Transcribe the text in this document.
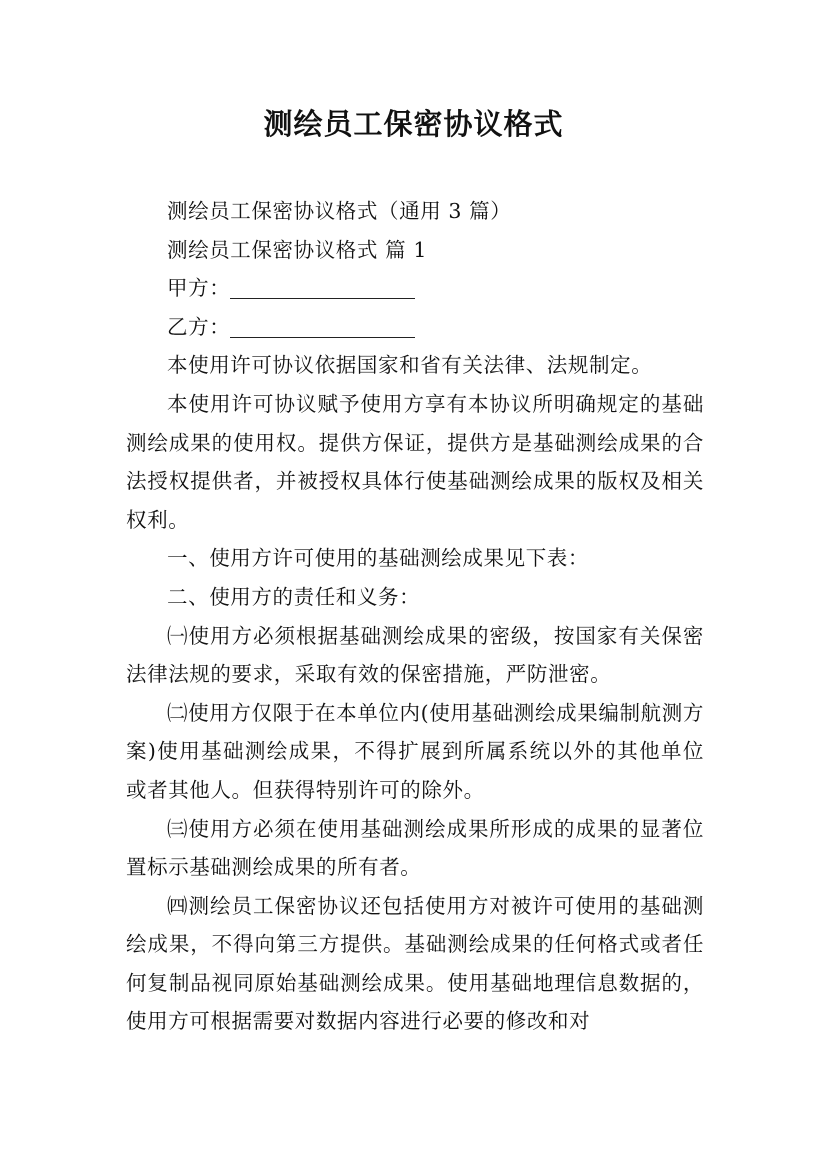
测绘员工保密协议格式

测绘员工保密协议格式（通用 3 篇）

测绘员工保密协议格式 篇 1

甲方：

乙方：

本使用许可协议依据国家和省有关法律、法规制定。

本使用许可协议赋予使用方享有本协议所明确规定的基础测绘成果的使用权。提供方保证，提供方是基础测绘成果的合法授权提供者，并被授权具体行使基础测绘成果的版权及相关权利。

一、使用方许可使用的基础测绘成果见下表：

二、使用方的责任和义务：

㈠使用方必须根据基础测绘成果的密级，按国家有关保密法律法规的要求，采取有效的保密措施，严防泄密。

㈡使用方仅限于在本单位内(使用基础测绘成果编制航测方案)使用基础测绘成果，不得扩展到所属系统以外的其他单位或者其他人。但获得特别许可的除外。

㈢使用方必须在使用基础测绘成果所形成的成果的显著位置标示基础测绘成果的所有者。

㈣测绘员工保密协议还包括使用方对被许可使用的基础测绘成果，不得向第三方提供。基础测绘成果的任何格式或者任何复制品视同原始基础测绘成果。使用基础地理信息数据的，使用方可根据需要对数据内容进行必要的修改和对
